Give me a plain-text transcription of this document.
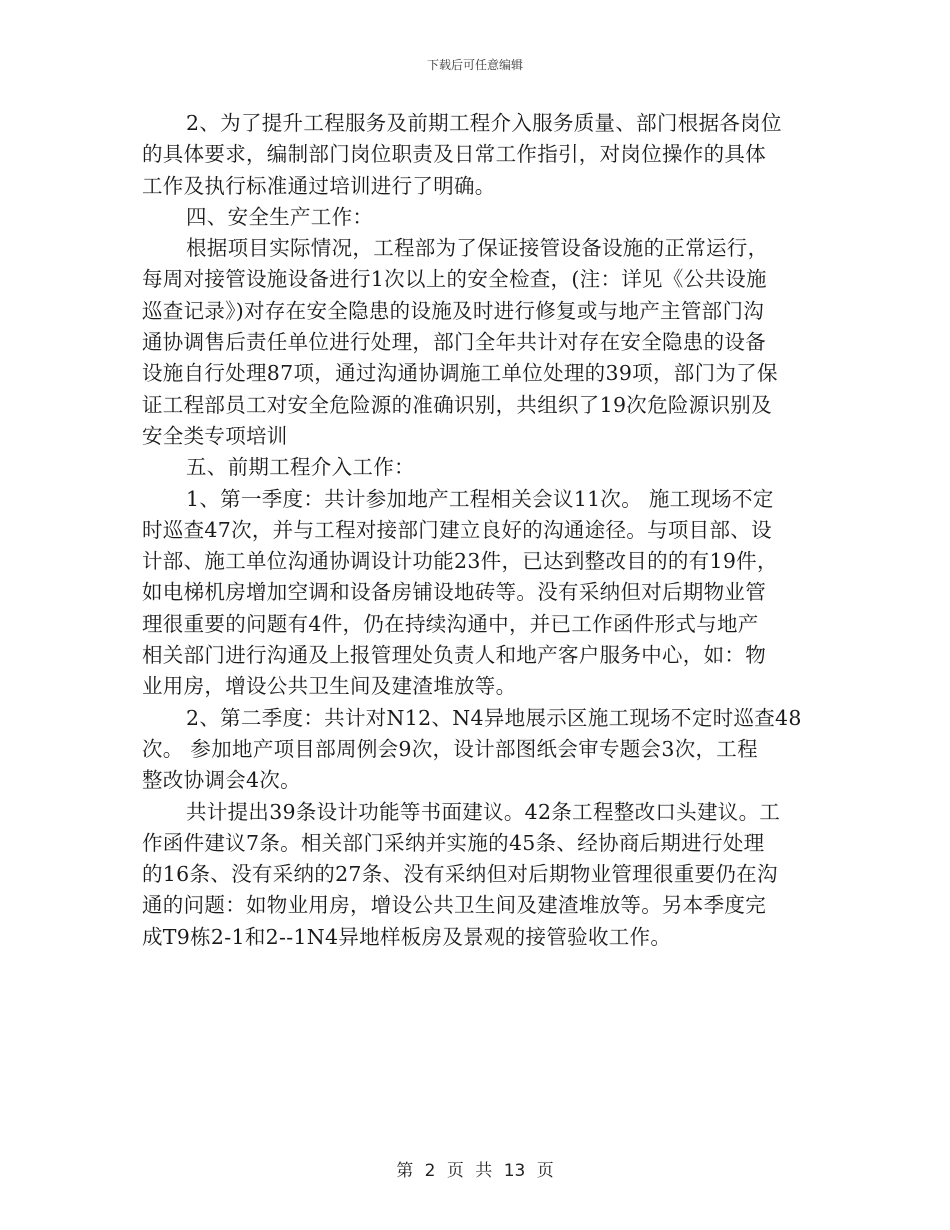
下载后可任意编辑
2、为了提升工程服务及前期工程介入服务质量、部门根据各岗位
的具体要求，编制部门岗位职责及日常工作指引，对岗位操作的具体
工作及执行标准通过培训进行了明确。
四、安全生产工作：
根据项目实际情况，工程部为了保证接管设备设施的正常运行，
每周对接管设施设备进行1次以上的安全检查，(注：详见《公共设施
巡查记录》)对存在安全隐患的设施及时进行修复或与地产主管部门沟
通协调售后责任单位进行处理，部门全年共计对存在安全隐患的设备
设施自行处理87项，通过沟通协调施工单位处理的39项，部门为了保
证工程部员工对安全危险源的准确识别，共组织了19次危险源识别及
安全类专项培训
五、前期工程介入工作：
1、第一季度：共计参加地产工程相关会议11次。 施工现场不定
时巡查47次，并与工程对接部门建立良好的沟通途径。与项目部、设
计部、施工单位沟通协调设计功能23件，已达到整改目的的有19件，
如电梯机房增加空调和设备房铺设地砖等。没有采纳但对后期物业管
理很重要的问题有4件，仍在持续沟通中，并已工作函件形式与地产
相关部门进行沟通及上报管理处负责人和地产客户服务中心，如：物
业用房，增设公共卫生间及建渣堆放等。
2、第二季度：共计对N12、N4异地展示区施工现场不定时巡查48
次。 参加地产项目部周例会9次，设计部图纸会审专题会3次，工程
整改协调会4次。
共计提出39条设计功能等书面建议。42条工程整改口头建议。工
作函件建议7条。相关部门采纳并实施的45条、经协商后期进行处理
的16条、没有采纳的27条、没有采纳但对后期物业管理很重要仍在沟
通的问题：如物业用房，增设公共卫生间及建渣堆放等。另本季度完
成T9栋2-1和2--1N4异地样板房及景观的接管验收工作。
第 2 页 共 13 页
